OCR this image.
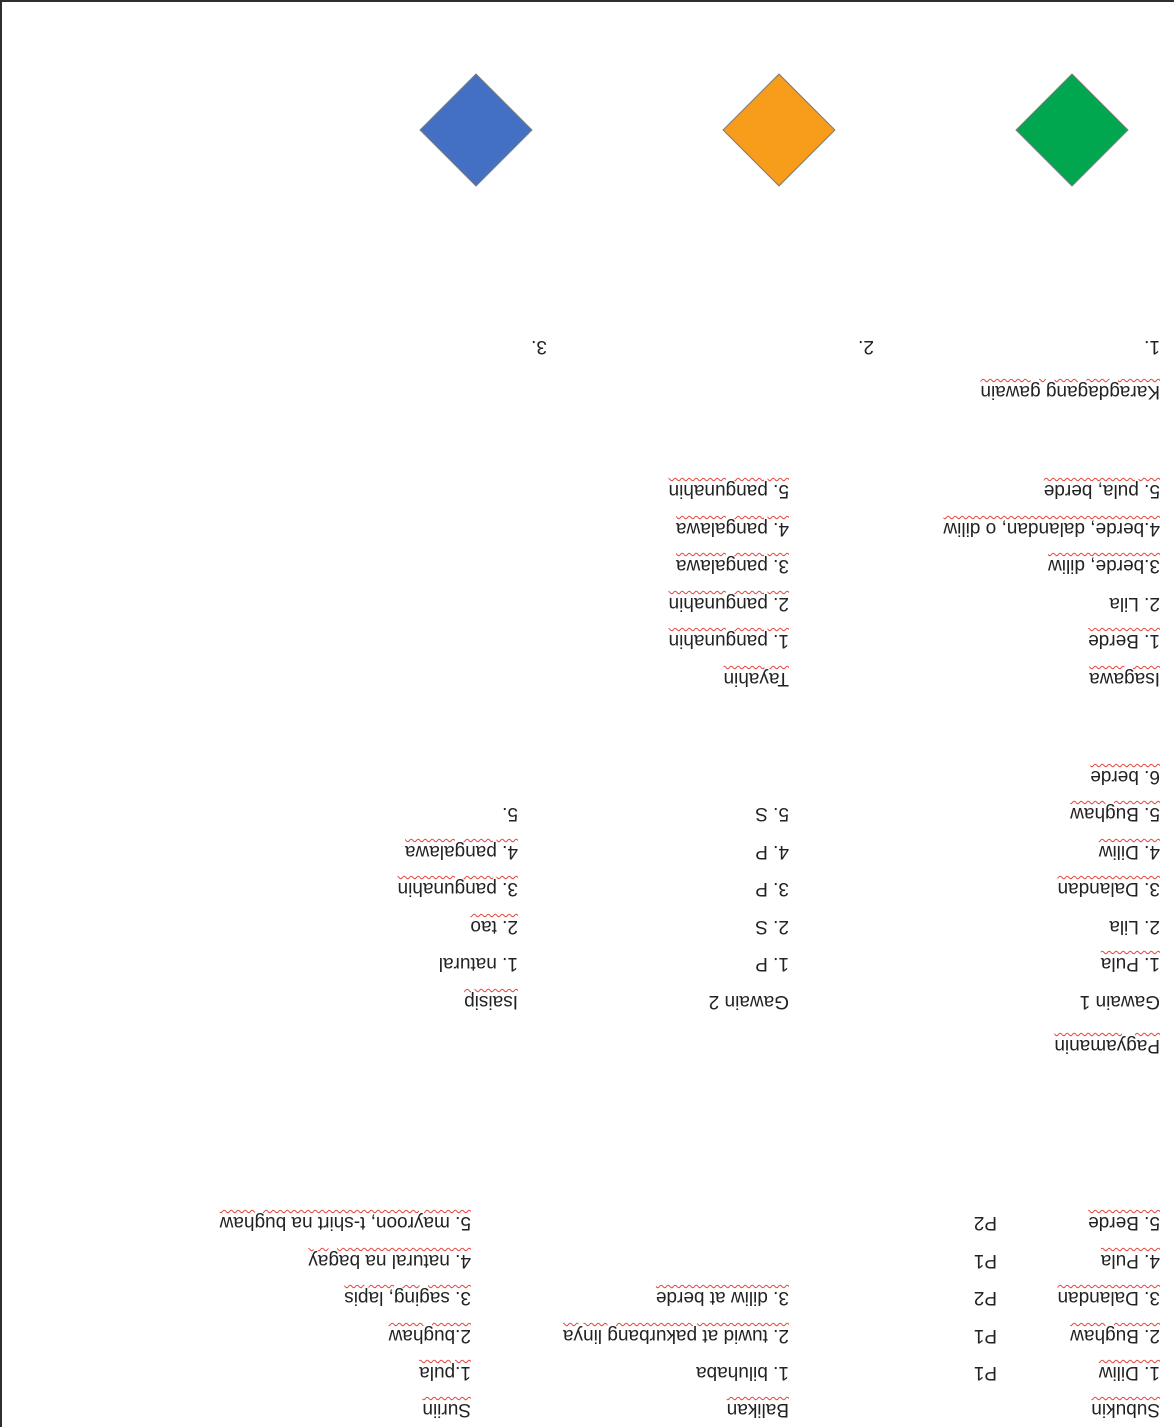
Subukin
1. Diliw
2. Bughaw
3. Dalandan
4. Pula
5. Berde
P1
P1
P2
P1
P2
Balikan
1. biluhaba
2. tuwid at pakurbang linya
3. diliw at berde
Suriin
1.pula
2.bughaw
3. saging, lapis
4. natural na bagay
5. mayroon, t-shirt na bughaw
Pagyamanin
Gawain 1
1. Pula
2. Lila
3. Dalandan
4. Diliw
5. Bughaw
6. berde
Gawain 2
1. P
2. S
3. P
4. P
5. S
Isaisip
1. natural
2. tao
3. pangunahin
4. pangalawa
5.
Isagawa
1. Berde
2. Lila
3.berde, diliw
4.berde, dalandan, o diliw
5. pula, berde
Tayahin
1. pangunahin
2. pangunahin
3. pangalawa
4. pangalawa
5. pangunahin
Karagdagang gawain
1.
2.
3.
